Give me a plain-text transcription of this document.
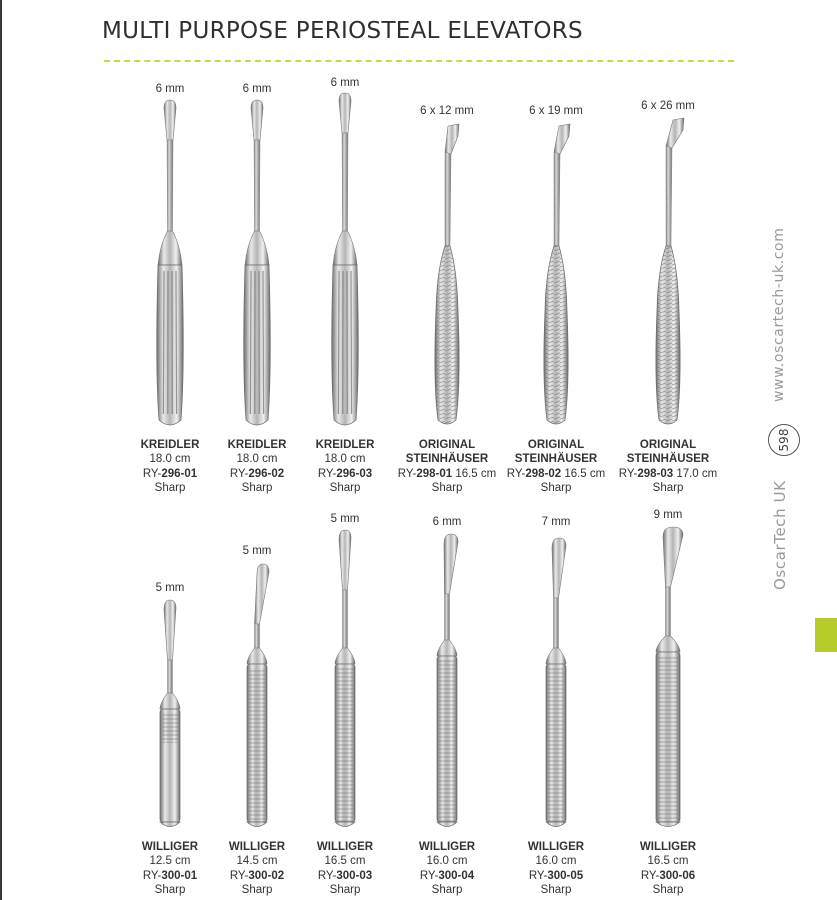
MULTI PURPOSE PERIOSTEAL ELEVATORS
6 mm
KREIDLER
18.0 cm
RY-296-01
Sharp
6 mm
KREIDLER
18.0 cm
RY-296-02
Sharp
6 mm
KREIDLER
18.0 cm
RY-296-03
Sharp
6 x 12 mm
ORIGINAL
STEINHÄUSER
RY-298-01 16.5 cm
Sharp
6 x 19 mm
ORIGINAL
STEINHÄUSER
RY-298-02 16.5 cm
Sharp
6 x 26 mm
ORIGINAL
STEINHÄUSER
RY-298-03 17.0 cm
Sharp
5 mm
WILLIGER
12.5 cm
RY-300-01
Sharp
5 mm
WILLIGER
14.5 cm
RY-300-02
Sharp
5 mm
WILLIGER
16.5 cm
RY-300-03
Sharp
6 mm
WILLIGER
16.0 cm
RY-300-04
Sharp
7 mm
WILLIGER
16.0 cm
RY-300-05
Sharp
9 mm
WILLIGER
16.5 cm
RY-300-06
Sharp
www.oscartech-uk.com
598
OscarTech UK
